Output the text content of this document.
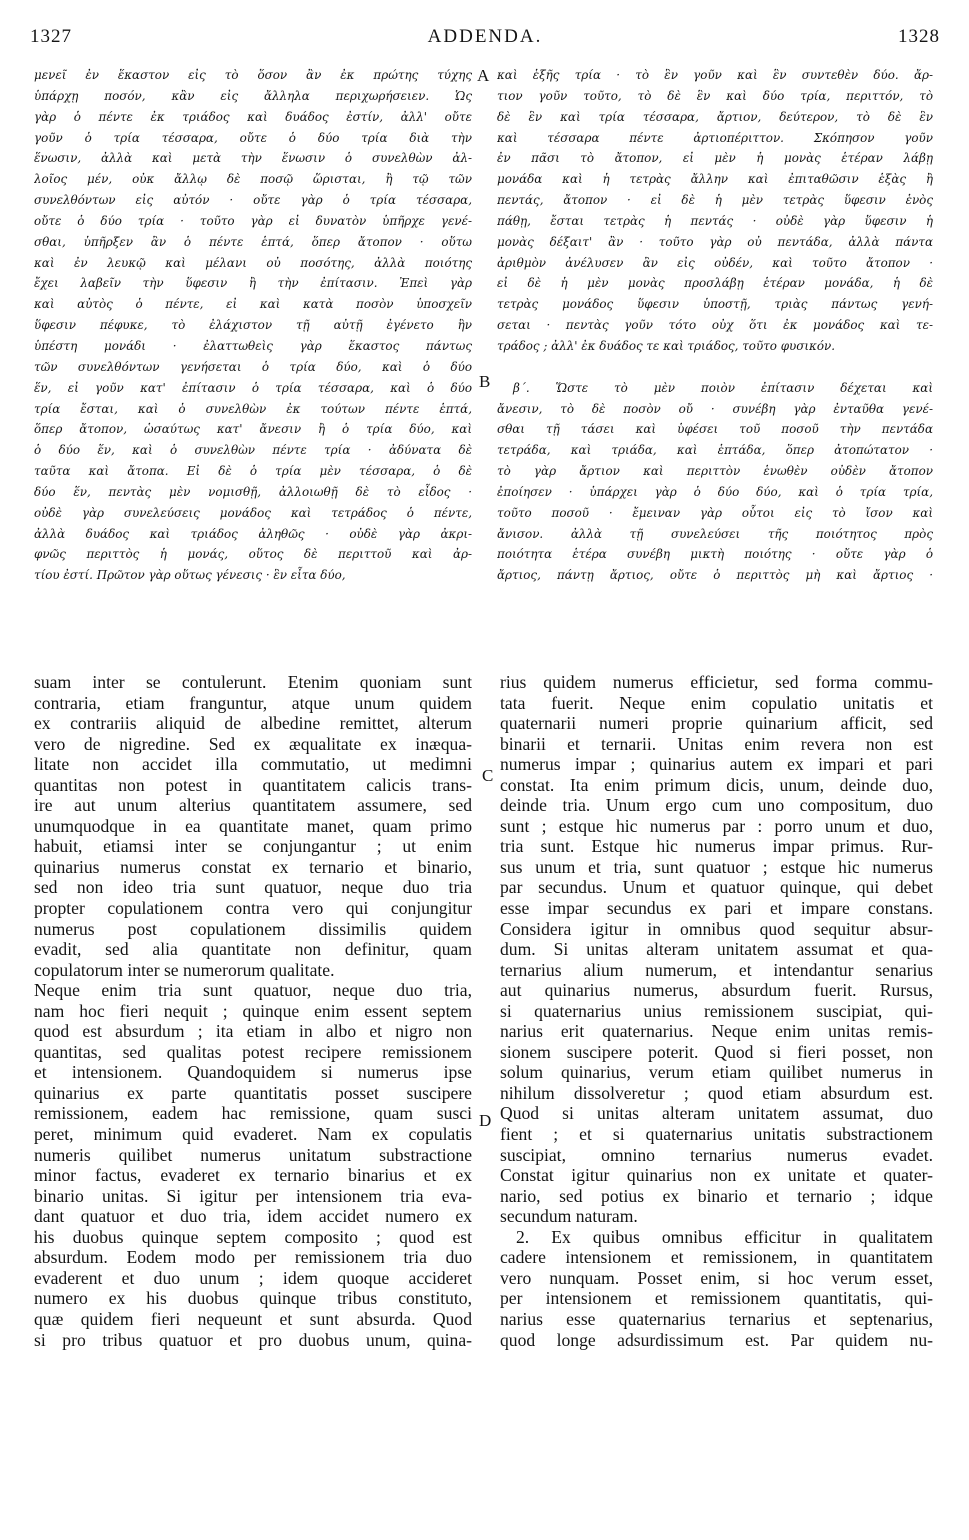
ADDENDA.
1327	1328
μενεῖ ἐν ἕκαστον εἰς τὸ ὅσον ἂν ἐκ πρώτης τύχης
ὑπάρχῃ ποσόν, κἂν εἰς ἄλληλα περιχωρήσειεν. Ὡς
γὰρ ὁ πέντε ἐκ τριάδος καὶ δυάδος ἐστίν, ἀλλ' οὔτε
γοῦν ὁ τρία τέσσαρα, οὔτε ὁ δύο τρία διὰ τὴν
ἕνωσιν, ἀλλὰ καὶ μετὰ τὴν ἕνωσιν ὁ συνελθὼν ἀλ-
λοῖος μέν, οὐκ ἄλλῳ δὲ ποσῷ ὥρισται, ἢ τῷ τῶν
συνελθόντων εἰς αὐτόν · οὔτε γὰρ ὁ τρία τέσσαρα,
οὔτε ὁ δύο τρία · τοῦτο γὰρ εἰ δυνατὸν ὑπῆρχε γενέ-
σθαι, ὑπῆρξεν ἂν ὁ πέντε ἑπτά, ὅπερ ἄτοπον · οὕτω
καὶ ἐν λευκῷ καὶ μέλανι οὐ ποσότης, ἀλλὰ ποιότης
ἔχει λαβεῖν τὴν ὕφεσιν ἢ τὴν ἐπίτασιν. Ἐπεὶ γὰρ
καὶ αὐτὸς ὁ πέντε, εἰ καὶ κατὰ ποσὸν ὑποσχεῖν
ὕφεσιν πέφυκε, τὸ ἐλάχιστον τῇ αὐτῇ ἐγένετο ἣν
ὑπέστη μονάδι · ἐλαττωθεὶς γὰρ ἕκαστος πάντως
τῶν συνελθόντων γενήσεται ὁ τρία δύο, καὶ ὁ δύο
ἕν, εἰ γοῦν κατ' ἐπίτασιν ὁ τρία τέσσαρα, καὶ ὁ δύο
τρία ἔσται, καὶ ὁ συνελθὼν ἐκ τούτων πέντε ἑπτά,
ὅπερ ἄτοπον, ὡσαύτως κατ' ἄνεσιν ἢ ὁ τρία δύο, καὶ
ὁ δύο ἕν, καὶ ὁ συνελθὼν πέντε τρία · ἀδύνατα δὲ
ταῦτα καὶ ἄτοπα. Εἰ δὲ ὁ τρία μὲν τέσσαρα, ὁ δὲ
δύο ἕν, πεντὰς μὲν νομισθῇ, ἀλλοιωθῇ δὲ τὸ εἶδος ·
οὐδὲ γὰρ συνελεύσεις μονάδος καὶ τετράδος ὁ πέντε,
ἀλλὰ δυάδος καὶ τριάδος ἀληθῶς · οὐδὲ γὰρ ἀκρι-
φνῶς περιττὸς ἡ μονάς, οὕτος δὲ περιττοῦ καὶ ἀρ-
τίου ἐστί. Πρῶτον γὰρ οὕτως γένεσις · ἓν εἶτα δύο,
καὶ ἑξῆς τρία · τὸ ἓν γοῦν καὶ ἓν συντεθὲν δύο. ἄρ-
τιον γοῦν τοῦτο, τὸ δὲ ἓν καὶ δύο τρία, περιττόν, τὸ
δὲ ἓν καὶ τρία τέσσαρα, ἄρτιον, δεύτερον, τὸ δὲ ἓν
καὶ τέσσαρα πέντε ἀρτιοπέριττον. Σκόπησον γοῦν
ἐν πᾶσι τὸ ἄτοπον, εἰ μὲν ἡ μονὰς ἑτέραν λάβῃ
μονάδα καὶ ἡ τετρὰς ἄλλην καὶ ἐπιταθῶσιν ἑξὰς ἢ
πεντάς, ἄτοπον · εἰ δὲ ἡ μὲν τετρὰς ὕφεσιν ἑνὸς
πάθῃ, ἔσται τετρὰς ἡ πεντάς · οὐδὲ γὰρ ὕφεσιν ἡ
μονὰς δέξαιτ' ἂν · τοῦτο γὰρ οὐ πεντάδα, ἀλλὰ πάντα
ἀριθμὸν ἀνέλυσεν ἂν εἰς οὐδέν, καὶ τοῦτο ἄτοπον ·
εἰ δὲ ἡ μὲν μονὰς προσλάβῃ ἑτέραν μονάδα, ἡ δὲ
τετρὰς μονάδος ὕφεσιν ὑποστῇ, τριὰς πάντως γενή-
σεται · πεντὰς γοῦν τότο οὐχ ὅτι ἐκ μονάδος καὶ τε-
τράδος ; ἀλλ' ἐκ δυάδος τε καὶ τριάδος, τοῦτο φυσικόν.

β΄. Ὥστε τὸ μὲν ποιὸν ἐπίτασιν δέχεται καὶ
ἄνεσιν, τὸ δὲ ποσὸν οὔ · συνέβη γὰρ ἐνταῦθα γενέ-
σθαι τῇ τάσει καὶ ὑφέσει τοῦ ποσοῦ τὴν πεντάδα
τετράδα, καὶ τριάδα, καὶ ἑπτάδα, ὅπερ ἀτοπώτατον ·
τὸ γὰρ ἄρτιον καὶ περιττὸν ἑνωθὲν οὐδὲν ἄτοπον
ἐποίησεν · ὑπάρχει γὰρ ὁ δύο δύο, καὶ ὁ τρία τρία,
τοῦτο ποσοῦ · ἔμειναν γὰρ οὗτοι εἰς τὸ ἴσον καὶ
ἄνισον. ἀλλὰ τῇ συνελεύσει τῆς ποιότητος πρὸς
ποιότητα ἑτέρα συνέβη μικτὴ ποιότης · οὔτε γὰρ ὁ
ἄρτιος, πάντῃ ἄρτιος, οὔτε ὁ περιττὸς μὴ καὶ ἄρτιος ·
suam inter se contulerunt. Etenim quoniam sunt
contraria, etiam franguntur, atque unum quidem
ex contrariis aliquid de albedine remittet, alterum
vero de nigredine. Sed ex æqualitate ex inæqua-
litate non accidet illa commutatio, ut medimni
quantitas non potest in quantitatem calicis trans-
ire aut unum alterius quantitatem assumere, sed
unumquodque in ea quantitate manet, quam primo
habuit, etiamsi inter se conjungantur ; ut enim
quinarius numerus constat ex ternario et binario,
sed non ideo tria sunt quatuor, neque duo tria
propter copulationem contra vero qui conjungitur
numerus post copulationem dissimilis quidem
evadit, sed alia quantitate non definitur, quam
copulatorum inter se numerorum qualitate.
Neque enim tria sunt quatuor, neque duo tria,
nam hoc fieri nequit ; quinque enim essent septem
quod est absurdum ; ita etiam in albo et nigro non
quantitas, sed qualitas potest recipere remissionem
et intensionem. Quandoquidem si numerus ipse
quinarius ex parte quantitatis posset suscipere
remissionem, eadem hac remissione, quam susci
peret, minimum quid evaderet. Nam ex copulatis
numeris quilibet numerus unitatum substractione
minor factus, evaderet ex ternario binarius et ex
binario unitas. Si igitur per intensionem tria eva-
dant quatuor et duo tria, idem accidet numero ex
his duobus quinque septem composito ; quod est
absurdum. Eodem modo per remissionem tria duo
evaderent et duo unum ; idem quoque accideret
numero ex his duobus quinque tribus constituto,
quæ quidem fieri nequeunt et sunt absurda. Quod
si pro tribus quatuor et pro duobus unum, quina-
rius quidem numerus efficietur, sed forma commu-
tata fuerit. Neque enim copulatio unitatis et
quaternarii numeri proprie quinarium afficit, sed
binarii et ternarii. Unitas enim revera non est
numerus impar ; quinarius autem ex impari et pari
constat. Ita enim primum dicis, unum, deinde duo,
deinde tria. Unum ergo cum uno compositum, duo
sunt ; estque hic numerus par : porro unum et duo,
tria sunt. Estque hic numerus impar primus. Rur-
sus unum et tria, sunt quatuor ; estque hic numerus
par secundus. Unum et quatuor quinque, qui debet
esse impar secundus ex pari et impare constans.
Considera igitur in omnibus quod sequitur absur-
dum. Si unitas alteram unitatem assumat et qua-
ternarius alium numerum, et intendantur senarius
aut quinarius numerus, absurdum fuerit. Rursus,
si quaternarius unius remissionem suscipiat, qui-
narius erit quaternarius. Neque enim unitas remis-
sionem suscipere poterit. Quod si fieri posset, non
solum quinarius, verum etiam quilibet numerus in
nihilum dissolveretur ; quod etiam absurdum est.
Quod si unitas alteram unitatem assumat, duo
fient ; et si quaternarius unitatis substractionem
suscipiat, omnino ternarius numerus evadet.
Constat igitur quinarius non ex unitate et quater-
nario, sed potius ex binario et ternario ; idque
secundum naturam.
2. Ex quibus omnibus efficitur in qualitatem
cadere intensionem et remissionem, in quantitatem
vero nunquam. Posset enim, si hoc verum esset,
per intensionem et remissionem quantitatis, qui-
narius esse quaternarius ternarius et septenarius,
quod longe adsurdissimum est. Par quidem nu-
A
B
C
D
